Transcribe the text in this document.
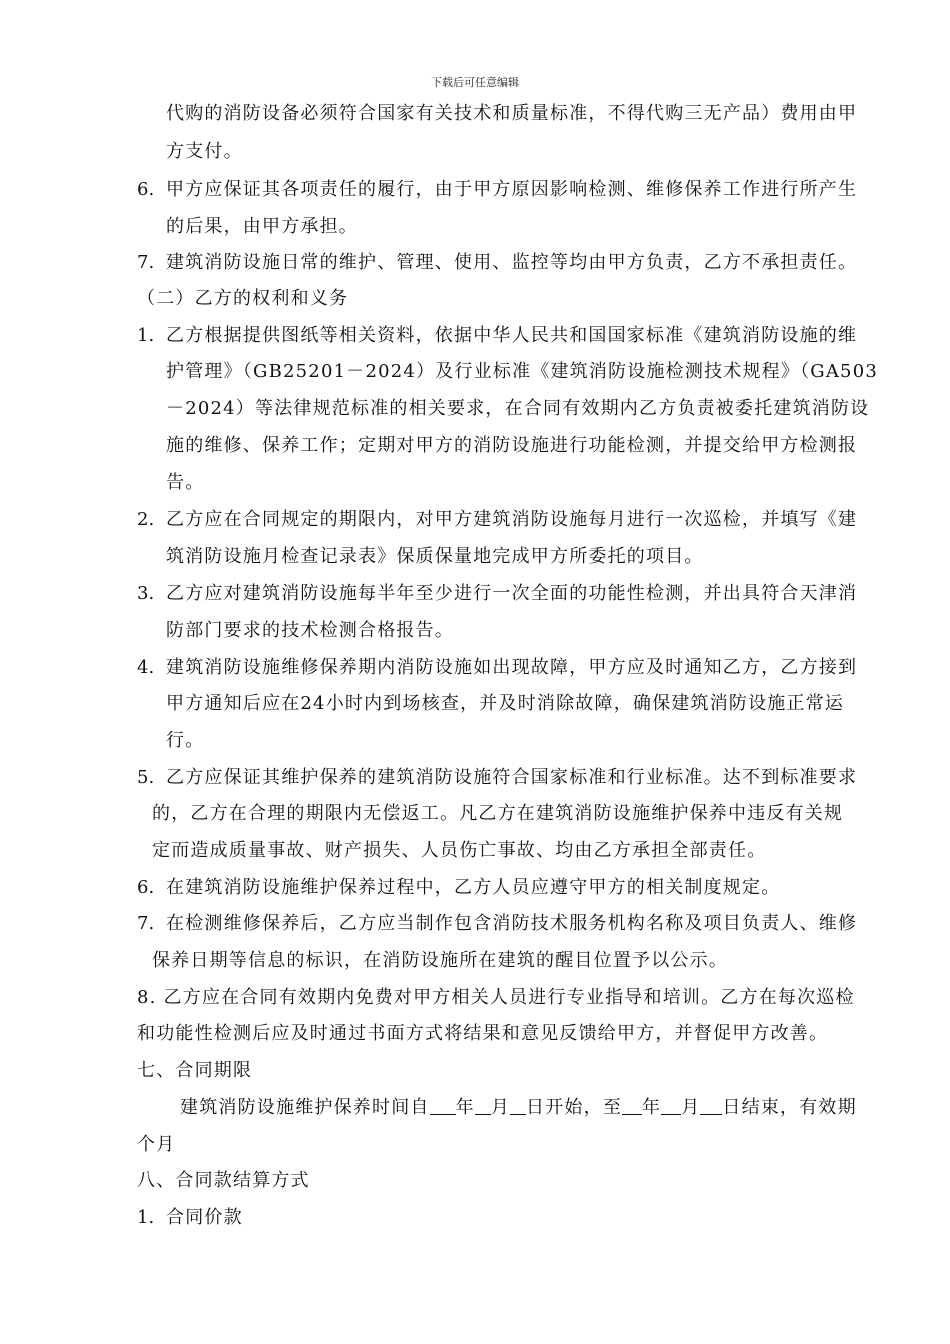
下载后可任意编辑
代购的消防设备必须符合国家有关技术和质量标准，不得代购三无产品）费用由甲
方支付。
6. 甲方应保证其各项责任的履行，由于甲方原因影响检测、维修保养工作进行所产生
的后果，由甲方承担。
7. 建筑消防设施日常的维护、管理、使用、监控等均由甲方负责，乙方不承担责任。
（二）乙方的权利和义务
1. 乙方根据提供图纸等相关资料，依据中华人民共和国国家标准《建筑消防设施的维
护管理》（GB25201－2024）及行业标准《建筑消防设施检测技术规程》（GA503
－2024）等法律规范标准的相关要求，在合同有效期内乙方负责被委托建筑消防设
施的维修、保养工作；定期对甲方的消防设施进行功能检测，并提交给甲方检测报
告。
2. 乙方应在合同规定的期限内，对甲方建筑消防设施每月进行一次巡检，并填写《建
筑消防设施月检查记录表》保质保量地完成甲方所委托的项目。
3. 乙方应对建筑消防设施每半年至少进行一次全面的功能性检测，并出具符合天津消
防部门要求的技术检测合格报告。
4. 建筑消防设施维修保养期内消防设施如出现故障，甲方应及时通知乙方，乙方接到
甲方通知后应在24小时内到场核查，并及时消除故障，确保建筑消防设施正常运
行。
5. 乙方应保证其维护保养的建筑消防设施符合国家标准和行业标准。达不到标准要求
的，乙方在合理的期限内无偿返工。凡乙方在建筑消防设施维护保养中违反有关规
定而造成质量事故、财产损失、人员伤亡事故、均由乙方承担全部责任。
6. 在建筑消防设施维护保养过程中，乙方人员应遵守甲方的相关制度规定。
7. 在检测维修保养后，乙方应当制作包含消防技术服务机构名称及项目负责人、维修
保养日期等信息的标识，在消防设施所在建筑的醒目位置予以公示。
8. 乙方应在合同有效期内免费对甲方相关人员进行专业指导和培训。乙方在每次巡检
和功能性检测后应及时通过书面方式将结果和意见反馈给甲方，并督促甲方改善。
七、合同期限
建筑消防设施维护保养时间自 年 月 日开始，至 年 月 日结束，有效期
个月
八、合同款结算方式
1. 合同价款
